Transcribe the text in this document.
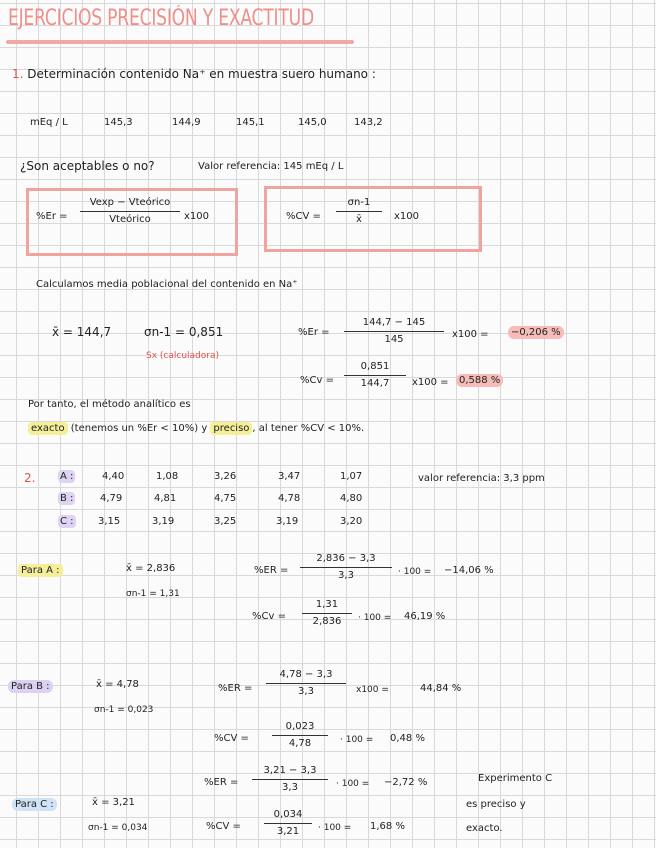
EJERCICIOS PRECISIÓN Y EXACTITUD
1. Determinación contenido Na⁺ en muestra suero humano :
mEq / L	145,3	144,9	145,1	145,0	143,2
¿Son aceptables o no?	Valor referencia: 145 mEq / L
%Er =
Vexp − Vteórico
Vteórico	x100	%CV =
σn-1
x̄	x100
Calculamos media poblacional del contenido en Na⁺
x̄ = 144,7	σn-1 = 0,851
Sx (calculadora)
%Er =
144,7 − 145
145	x100 =	−0,206 %
%Cv =
0,851
144,7 x100 =	0,588 %
Por tanto, el método analítico es
exacto (tenemos un %Er < 10%) y preciso , al tener %CV < 10%.
2.	valor referencia: 3,3 ppm
A :	4,40	1,08	3,26	3,47	1,07
B :	4,79	4,81	4,75	4,78	4,80
C : 3,15	3,19	3,25	3,19	3,20
Para A :	x̄ = 2,836
σn-1 = 1,31
%ER =
2,836 − 3,3
3,3	· 100 = −14,06 %
%Cv =
1,31
2,836 · 100 = 46,19 %
Para B :	x̄ = 4,78
σn-1 = 0,023
%ER =
4,78 − 3,3
3,3	x100 =	44,84 %
%CV =
0,023
4,78	· 100 = 0,48 %
%ER =
3,21 − 3,3
3,3	· 100 = −2,72 %
Para C :	x̄ = 3,21
σn-1 = 0,034	%CV =
0,034
3,21 · 100 = 1,68 %
Experimento C
es preciso y
exacto.
